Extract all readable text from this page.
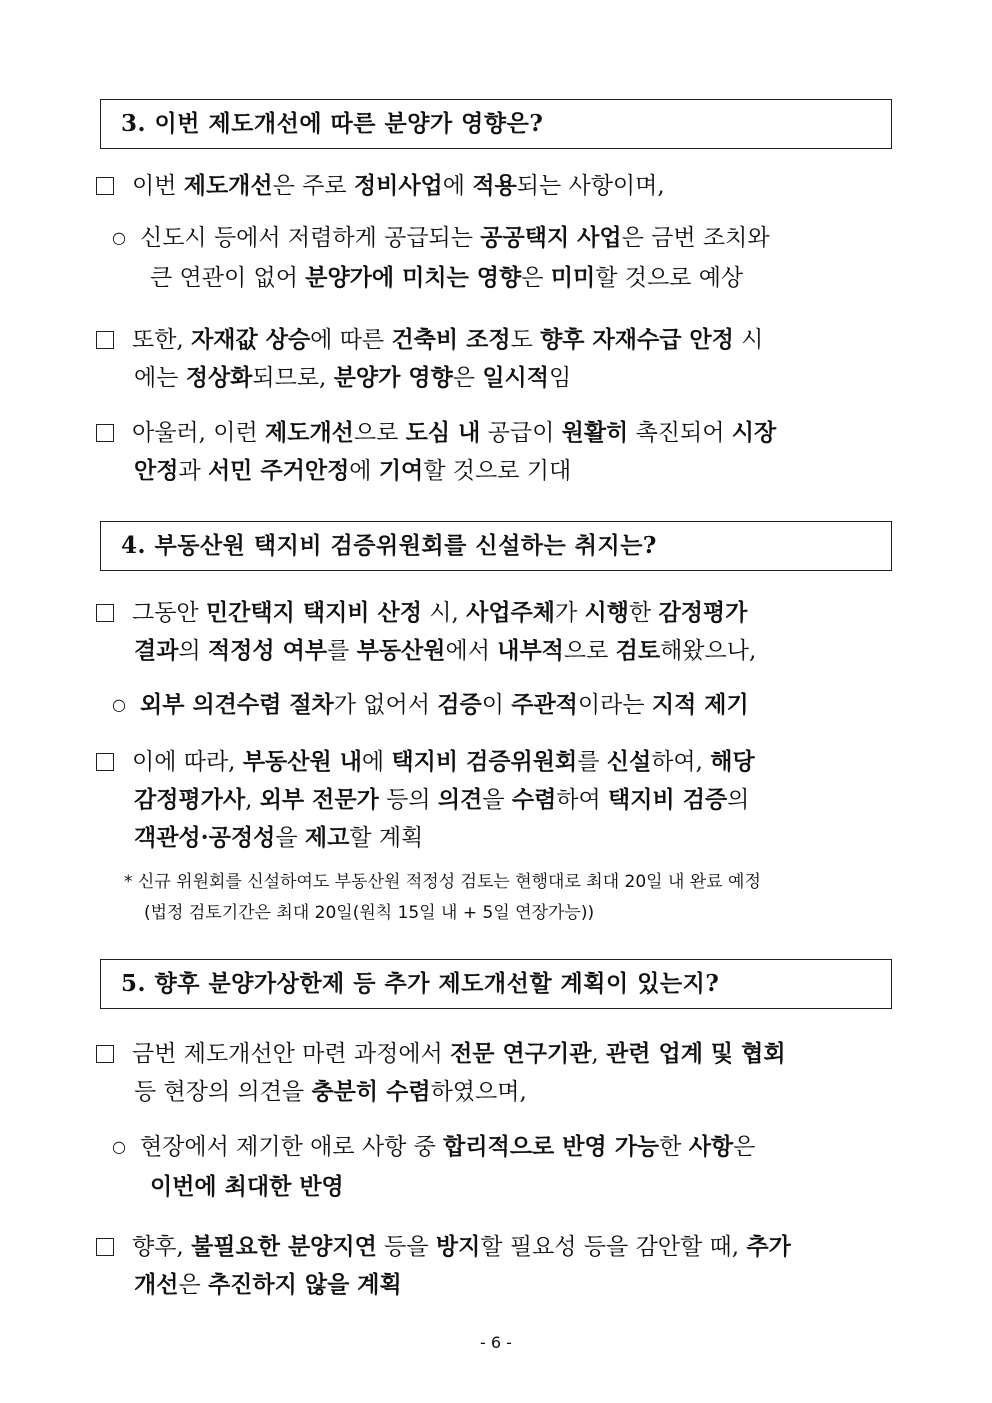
3. 이번 제도개선에 따른 분양가 영향은?
이번 제도개선은 주로 정비사업에 적용되는 사항이며,
○ 신도시 등에서 저렴하게 공급되는 공공택지 사업은 금번 조치와
큰 연관이 없어 분양가에 미치는 영향은 미미할 것으로 예상
또한, 자재값 상승에 따른 건축비 조정도 향후 자재수급 안정 시
에는 정상화되므로, 분양가 영향은 일시적임
아울러, 이런 제도개선으로 도심 내 공급이 원활히 촉진되어 시장
안정과 서민 주거안정에 기여할 것으로 기대
4. 부동산원 택지비 검증위원회를 신설하는 취지는?
그동안 민간택지 택지비 산정 시, 사업주체가 시행한 감정평가
결과의 적정성 여부를 부동산원에서 내부적으로 검토해왔으나,
○ 외부 의견수렴 절차가 없어서 검증이 주관적이라는 지적 제기
이에 따라, 부동산원 내에 택지비 검증위원회를 신설하여, 해당
감정평가사, 외부 전문가 등의 의견을 수렴하여 택지비 검증의
객관성·공정성을 제고할 계획
* 신규 위원회를 신설하여도 부동산원 적정성 검토는 현행대로 최대 20일 내 완료 예정
(법정 검토기간은 최대 20일(원칙 15일 내 + 5일 연장가능))
5. 향후 분양가상한제 등 추가 제도개선할 계획이 있는지?
금번 제도개선안 마련 과정에서 전문 연구기관, 관련 업계 및 협회
등 현장의 의견을 충분히 수렴하였으며,
○ 현장에서 제기한 애로 사항 중 합리적으로 반영 가능한 사항은
이번에 최대한 반영
향후, 불필요한 분양지연 등을 방지할 필요성 등을 감안할 때, 추가
개선은 추진하지 않을 계획
- 6 -
